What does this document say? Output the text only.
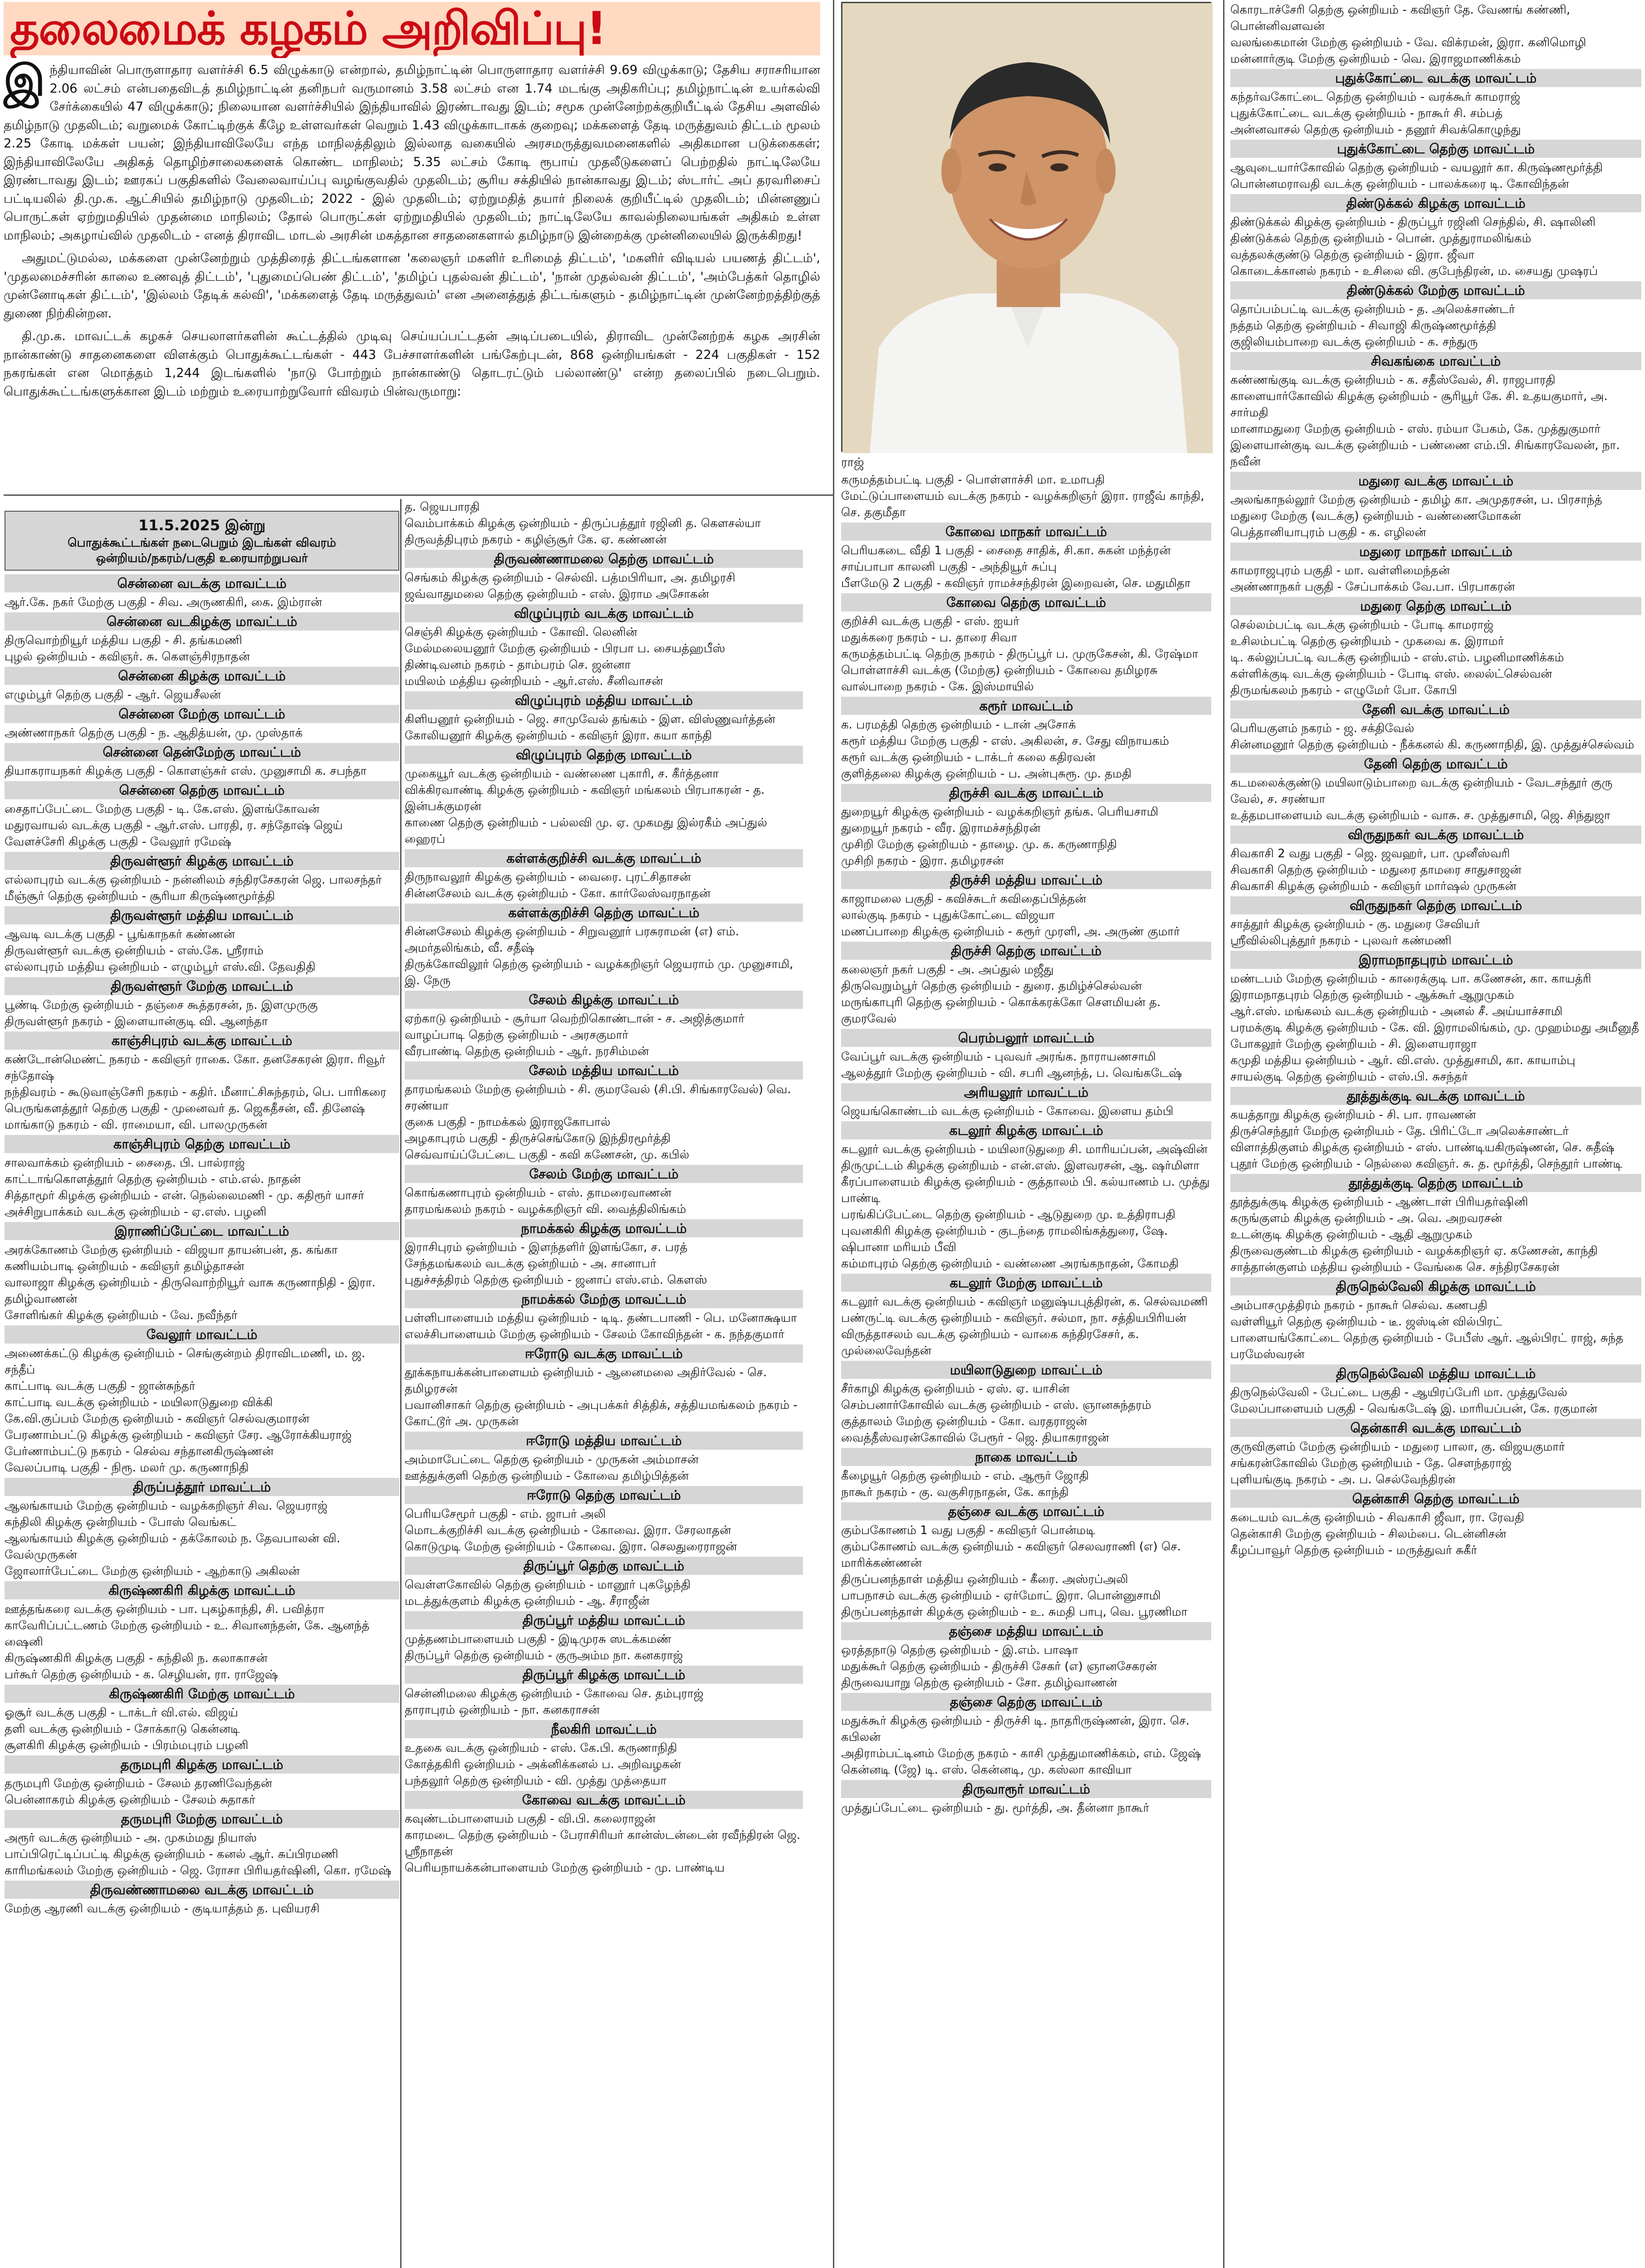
தலைமைக் கழகம் அறிவிப்பு!

இந்தியாவின் பொருளாதார வளர்ச்சி 6.5 விழுக்காடு என்றால், தமிழ்நாட்டின் பொருளாதார வளர்ச்சி 9.69 விழுக்காடு; தேசிய சராசரியான 2.06 லட்சம் என்பதைவிடத் தமிழ்நாட்டின் தனிநபர் வருமானம் 3.58 லட்சம் என 1.74 மடங்கு அதிகரிப்பு; தமிழ்நாட்டின் உயர்கல்வி சேர்க்கையில் 47 விழுக்காடு; நிலையான வளர்ச்சியில் இந்தியாவில் இரண்டாவது இடம்; சமூக முன்னேற்றக்குறியீட்டில் தேசிய அளவில் தமிழ்நாடு முதலிடம்; வறுமைக் கோட்டிற்குக் கீழே உள்ளவர்கள் வெறும் 1.43 விழுக்காடாகக் குறைவு; மக்களைத் தேடி மருத்துவம் திட்டம் மூலம் 2.25 கோடி மக்கள் பயன்; இந்தியாவிலேயே எந்த மாநிலத்திலும் இல்லாத வகையில் அரசமருத்துவமனைகளில் அதிகமான படுக்கைகள்; இந்தியாவிலேயே அதிகத் தொழிற்சாலைகளைக் கொண்ட மாநிலம்; 5.35 லட்சம் கோடி ரூபாய் முதலீடுகளைப் பெற்றதில் நாட்டிலேயே இரண்டாவது இடம்; ஊரகப் பகுதிகளில் வேலைவாய்ப்பு வழங்குவதில் முதலிடம்; சூரிய சக்தியில் நான்காவது இடம்; ஸ்டார்ட் அப் தரவரிசைப் பட்டியலில் தி.மு.க. ஆட்சியில் தமிழ்நாடு முதலிடம்; 2022 - இல் முதலிடம்; ஏற்றுமதித் தயார் நிலைக் குறியீட்டில் முதலிடம்; மின்னணுப் பொருட்கள் ஏற்றுமதியில் முதன்மை மாநிலம்; தோல் பொருட்கள் ஏற்றுமதியில் முதலிடம்; நாட்டிலேயே காவல்நிலையங்கள் அதிகம் உள்ள மாநிலம்; அகழாய்வில் முதலிடம் - எனத் திராவிட மாடல் அரசின் மகத்தான சாதனைகளால் தமிழ்நாடு இன்றைக்கு முன்னிலையில் இருக்கிறது!

அதுமட்டுமல்ல, மக்களை முன்னேற்றும் முத்திரைத் திட்டங்களான 'கலைஞர் மகளிர் உரிமைத் திட்டம்', 'மகளிர் விடியல் பயணத் திட்டம்', 'முதலமைச்சரின் காலை உணவுத் திட்டம்', 'புதுமைப்பெண் திட்டம்', 'தமிழ்ப் புதல்வன் திட்டம்', 'நான் முதல்வன் திட்டம்', 'அம்பேத்கர் தொழில் முன்னோடிகள் திட்டம்', 'இல்லம் தேடிக் கல்வி', 'மக்களைத் தேடி மருத்துவம்' என அனைத்துத் திட்டங்களும் - தமிழ்நாட்டின் முன்னேற்றத்திற்குத் துணை நிற்கின்றன.

தி.மு.க. மாவட்டக் கழகச் செயலாளர்களின் கூட்டத்தில் முடிவு செய்யப்பட்டதன் அடிப்படையில், திராவிட முன்னேற்றக் கழக அரசின் நான்காண்டு சாதனைகளை விளக்கும் பொதுக்கூட்டங்கள் - 443 பேச்சாளர்களின் பங்கேற்புடன், 868 ஒன்றியங்கள் - 224 பகுதிகள் - 152 நகரங்கள் என மொத்தம் 1,244 இடங்களில் 'நாடு போற்றும் நான்காண்டு தொடரட்டும் பல்லாண்டு' என்ற தலைப்பில் நடைபெறும். பொதுக்கூட்டங்களுக்கான இடம் மற்றும் உரையாற்றுவோர் விவரம் பின்வருமாறு:

ராஜ்
11.5.2025 இன்று
பொதுக்கூட்டங்கள் நடைபெறும் இடங்கள் விவரம்
ஒன்றியம்/நகரம்/பகுதி உரையாற்றுபவர்
சென்னை வடக்கு மாவட்டம்
ஆர்.கே. நகர் மேற்கு பகுதி - சிவ. அருணகிரி, கை. இம்ரான்
சென்னை வடகிழக்கு மாவட்டம்
திருவொற்றியூர் மத்திய பகுதி - சி. தங்கமணி
புழல் ஒன்றியம் - கவிஞர். சு. கெளஞ்சிரநாதன்
சென்னை கிழக்கு மாவட்டம்
எழும்பூர் தெற்கு பகுதி - ஆர். ஜெயசீலன்
சென்னை மேற்கு மாவட்டம்
அண்ணாநகர் தெற்கு பகுதி - ந. ஆதித்யன், மு. முஸ்தாக்
சென்னை தென்மேற்கு மாவட்டம்
தியாகராயநகர் கிழக்கு பகுதி - கொளஞ்சுர் எஸ். முனுசாமி க. சபந்தா
சென்னை தெற்கு மாவட்டம்
சைதாப்பேட்டை மேற்கு பகுதி - டி. கே.எஸ். இளங்கோவன்
மதுரவாயல் வடக்கு பகுதி - ஆர்.எஸ். பாரதி, ர. சந்தோஷ் ஜெய்
வேளச்சேரி கிழக்கு பகுதி - வேலூர் ரமேஷ்
திருவள்ளூர் கிழக்கு மாவட்டம்
எல்லாபுரம் வடக்கு ஒன்றியம் - நன்னிலம் சந்திரசேகரன் ஜெ. பாலசந்தர்
மீஞ்சூர் தெற்கு ஒன்றியம் - சூரியா கிருஷ்ணமூர்த்தி
திருவள்ளூர் மத்திய மாவட்டம்
ஆவடி வடக்கு பகுதி - பூங்காநகர் கண்ணன்
திருவள்ளூர் வடக்கு ஒன்றியம் - எஸ்.கே. ஸ்ரீராம்
எல்லாபுரம் மத்திய ஒன்றியம் - எழும்பூர் எஸ்.வி. தேவதிதி
திருவள்ளூர் மேற்கு மாவட்டம்
பூண்டி மேற்கு ஒன்றியம் - தஞ்சை கூத்தரசன், ந. இளமுருகு
திருவள்ளூர் நகரம் - இளையான்குடி வி. ஆனந்தா
காஞ்சிபுரம் வடக்கு மாவட்டம்
கண்டோன்மெண்ட் நகரம் - கவிஞர் ராகை. கோ. தனசேகரன் இரா. ரிவூர் சந்தோஷ்
நந்திவரம் - கூடுவாஞ்சேரி நகரம் - கதிர். மீனாட்சிசுந்தரம், பெ. பாரிகரை
பெருங்களத்தூர் தெற்கு பகுதி - முனைவர் த. ஜெகதீசன், வீ. தினேஷ்
மாங்காடு நகரம் - வி. ராமையா, வி. பாலமுருகன்
காஞ்சிபுரம் தெற்கு மாவட்டம்
சாலவாக்கம் ஒன்றியம் - சைதை. பி. பால்ராஜ்
காட்டாங்கொளத்தூர் தெற்கு ஒன்றியம் - எம்.எல். நாதன்
சித்தாமூர் கிழக்கு ஒன்றியம் - என். நெல்லைமணி - மு. கதிரூர் யாசர்
அச்சிறுபாக்கம் வடக்கு ஒன்றியம் - ஏ.எஸ். பழனி
இராணிப்பேட்டை மாவட்டம்
அரக்கோணம் மேற்கு ஒன்றியம் - விஜயா தாயன்பன், த. கங்கா
கணியம்பாடி ஒன்றியம் - கவிஞர் தமிழ்தாசன்
வாலாஜா கிழக்கு ஒன்றியம் - திருவொற்றியூர் வாசு கருணாநிதி - இரா. தமிழ்வாணன்
சோளிங்கர் கிழக்கு ஒன்றியம் - வே. நவீந்தர்
வேலூர் மாவட்டம்
அணைக்கட்டு கிழக்கு ஒன்றியம் - செங்குன்றம் திராவிடமணி, ம. ஜ. சந்தீப்
காட்பாடி வடக்கு பகுதி - ஜான்சுந்தர்
காட்பாடி வடக்கு ஒன்றியம் - மயிலாடுதுறை விக்கி
கே.வி.குப்பம் மேற்கு ஒன்றியம் - கவிஞர் செல்வகுமாரன்
பேரணாம்பட்டு கிழக்கு ஒன்றியம் - கவிஞர் சேர. ஆரோக்கியராஜ்
பேர்ணாம்பட்டு நகரம் - செல்வ சந்தானகிருஷ்ணன்
வேலப்பாடி பகுதி - நிரூ. மலர் மு. கருணாநிதி
திருப்பத்தூர் மாவட்டம்
ஆலங்காயம் மேற்கு ஒன்றியம் - வழக்கறிஞர் சிவ. ஜெயராஜ்
கந்திலி கிழக்கு ஒன்றியம் - போஸ் வெங்கட்
ஆலங்காயம் கிழக்கு ஒன்றியம் - தக்கோலம் ந. தேவபாலன் வி. வேல்முருகன்
ஜோலார்பேட்டை மேற்கு ஒன்றியம் - ஆற்காடு அகிலன்
கிருஷ்ணகிரி கிழக்கு மாவட்டம்
ஊத்தங்கரை வடக்கு ஒன்றியம் - பா. புகழ்காந்தி, சி. பவித்ரா
காவேரிப்பட்டணம் மேற்கு ஒன்றியம் - உ. சிவானந்தன், கே. ஆனந்த் ஷைனி
கிருஷ்ணகிரி கிழக்கு பகுதி - கந்திலி ந. கலாகாசன்
பர்கூர் தெற்கு ஒன்றியம் - க. செழியன், ரா. ராஜேஷ்
கிருஷ்ணகிரி மேற்கு மாவட்டம்
ஓசூர் வடக்கு பகுதி - டாக்டர் வி.எல். விஜய்
தளி வடக்கு ஒன்றியம் - சோக்காடு கென்னடி
சூளகிரி கிழக்கு ஒன்றியம் - பிரம்மபுரம் பழனி
தருமபுரி கிழக்கு மாவட்டம்
தருமபுரி மேற்கு ஒன்றியம் - சேலம் தரணிவேந்தன்
பென்னாகரம் கிழக்கு ஒன்றியம் - சேலம் சுதாகர்
தருமபுரி மேற்கு மாவட்டம்
அரூர் வடக்கு ஒன்றியம் - அ. முகம்மது நியாஸ்
பாப்பிரெட்டிப்பட்டி கிழக்கு ஒன்றியம் - கனல் ஆர். சுப்பிரமணி
காரிமங்கலம் மேற்கு ஒன்றியம் - ஜெ. ரோசா பிரியதர்ஷினி, கொ. ரமேஷ்
திருவண்ணாமலை வடக்கு மாவட்டம்
மேற்கு ஆரணி வடக்கு ஒன்றியம் - குடியாத்தம் த. புவியரசி
த. ஜெயபாரதி
வெம்பாக்கம் கிழக்கு ஒன்றியம் - திருப்பத்தூர் ரஜினி த. கௌசல்யா
திருவத்திபுரம் நகரம் - கழிஞ்சூர் கே. ஏ. கண்ணன்
திருவண்ணாமலை தெற்கு மாவட்டம்
செங்கம் கிழக்கு ஒன்றியம் - செல்வி. பத்மபிரியா, அ. தமிழரசி
ஜவ்வாதுமலை தெற்கு ஒன்றியம் - எஸ். இராம அசோகன்
விழுப்புரம் வடக்கு மாவட்டம்
செஞ்சி கிழக்கு ஒன்றியம் - கோவி. லெனின்
மேல்மலையனூர் மேற்கு ஒன்றியம் - பிரபா ப. சையத்ஹபீஸ்
திண்டிவனம் நகரம் - தாம்பரம் செ. ஜன்னா
மயிலம் மத்திய ஒன்றியம் - ஆர்.எஸ். சீனிவாசன்
விழுப்புரம் மத்திய மாவட்டம்
கிளியனூர் ஒன்றியம் - ஜெ. சாமுவேல் தங்கம் - இள. விஸ்ணுவர்த்தன்
கோலியனூர் கிழக்கு ஒன்றியம் - கவிஞர் இரா. கயா காந்தி
விழுப்புரம் தெற்கு மாவட்டம்
முகையூர் வடக்கு ஒன்றியம் - வண்ணை புகாரி, ச. கீர்த்தனா
விக்கிரவாண்டி கிழக்கு ஒன்றியம் - கவிஞர் மங்கலம் பிரபாகரன் - த. இன்பக்குமரன்
காணை தெற்கு ஒன்றியம் - பல்லவி மு. ஏ. முகமது இல்ரகீம் அப்துல் ஹைரப்
கள்ளக்குறிச்சி வடக்கு மாவட்டம்
திருநாவலூர் கிழக்கு ஒன்றியம் - வைரை. புரட்சிதாசன்
சின்னசேலம் வடக்கு ஒன்றியம் - கோ. கார்லேஸ்வரநாதன்
கள்ளக்குறிச்சி தெற்கு மாவட்டம்
சின்னசேலம் கிழக்கு ஒன்றியம் - சிறுவனூர் பரசுராமன் (எ) எம். அமர்தலிங்கம், வீ. சதீஷ்
திருக்கோவிலூர் தெற்கு ஒன்றியம் - வழக்கறிஞர் ஜெயராம் மு. முனுசாமி, இ. நேரு
சேலம் கிழக்கு மாவட்டம்
ஏற்காடு ஒன்றியம் - சூர்யா வெற்றிகொண்டான் - ச. அஜித்குமார்
வாழப்பாடி தெற்கு ஒன்றியம் - அரசகுமார்
வீரபாண்டி தெற்கு ஒன்றியம் - ஆர். நரசிம்மன்
சேலம் மத்திய மாவட்டம்
தாரமங்கலம் மேற்கு ஒன்றியம் - சி. குமரவேல் (சி.பி. சிங்காரவேல்) வெ. சரண்யா
குகை பகுதி - நாமக்கல் இராஜகோபால்
அழகாபுரம் பகுதி - திருச்செங்கோடு இந்திரமூர்த்தி
செவ்வாய்ப்பேட்டை பகுதி - கவி கணேசன், மு. கபில்
சேலம் மேற்கு மாவட்டம்
கொங்கணாபுரம் ஒன்றியம் - எஸ். தாமரைவாணன்
தாரமங்கலம் நகரம் - வழக்கறிஞர் வி. வைத்திலிங்கம்
நாமக்கல் கிழக்கு மாவட்டம்
இராசிபுரம் ஒன்றியம் - இளந்தளிர் இளங்கோ, ச. பரத்
சேந்தமங்கலம் வடக்கு ஒன்றியம் - அ. சானாபர்
புதுச்சத்திரம் தெற்கு ஒன்றியம் - ஜனாப் எஸ்.எம். கௌஸ்
நாமக்கல் மேற்கு மாவட்டம்
பள்ளிபாளையம் மத்திய ஒன்றியம் - டிடி. தண்டபாணி - பெ. மனோக்ஷயா
எலச்சிபாளையம் மேற்கு ஒன்றியம் - சேலம் கோவிந்தன் - க. நந்தகுமார்
ஈரோடு வடக்கு மாவட்டம்
தூக்கநாயக்கன்பாளையம் ஒன்றியம் - ஆனைமலை அதிர்வேல் - செ. தமிழரசன்
பவானிசாகர் தெற்கு ஒன்றியம் - அபுபக்கர் சித்திக், சத்தியமங்கலம் நகரம் - கோட்டூர் அ. முருகன்
ஈரோடு மத்திய மாவட்டம்
அம்மாபேட்டை தெற்கு ஒன்றியம் - முருகன் அம்மாசன்
ஊத்துக்குளி தெற்கு ஒன்றியம் - கோவை தமிழ்பித்தன்
ஈரோடு தெற்கு மாவட்டம்
பெரியசேமூர் பகுதி - எம். ஜாபர் அலி
மொடக்குறிச்சி வடக்கு ஒன்றியம் - கோவை. இரா. சேரலாதன்
கொடுமுடி மேற்கு ஒன்றியம் - கோவை. இரா. செலதுரைராஜன்
திருப்பூர் தெற்கு மாவட்டம்
வெள்ளகோவில் தெற்கு ஒன்றியம் - மானூர் புகழேந்தி
மடத்துக்குளம் கிழக்கு ஒன்றியம் - ஆ. சீராஜீன்
திருப்பூர் மத்திய மாவட்டம்
முத்தணம்பாளையம் பகுதி - இடிமுரசு ஸடக்கமண்
திருப்பூர் தெற்கு ஒன்றியம் - குருஅம்ம நா. கனகராஜ்
திருப்பூர் கிழக்கு மாவட்டம்
சென்னிமலை கிழக்கு ஒன்றியம் - கோவை செ. தம்புராஜ்
தாராபுரம் ஒன்றியம் - நா. கனகராசன்
நீலகிரி மாவட்டம்
உதகை வடக்கு ஒன்றியம் - எஸ். கே.பி. கருணாநிதி
கோத்தகிரி ஒன்றியம் - அக்னிக்கனல் ப. அறிவழகன்
பந்தலூர் தெற்கு ஒன்றியம் - வி. முத்து முத்தையா
கோவை வடக்கு மாவட்டம்
கவுண்டம்பாளையம் பகுதி - வி.பி. கலைராஜன்
காரமடை தெற்கு ஒன்றியம் - பேராசிரியர் கான்ஸ்டன்டைன் ரவீந்திரன் ஜெ. ஸ்ரீநாதன்
பெரியநாயக்கன்பாளையம் மேற்கு ஒன்றியம் - மு. பாண்டிய
கருமத்தம்பட்டி பகுதி - பொள்ளாச்சி மா. உமாபதி
மேட்டுப்பாளையம் வடக்கு நகரம் - வழக்கறிஞர் இரா. ராஜீவ் காந்தி, செ. தகுமீதா
கோவை மாநகர் மாவட்டம்
பெரியகடை வீதி 1 பகுதி - சைதை சாதிக், சி.கா. சுகன் மந்த்ரன்
சாய்பாபா காலனி பகுதி - அந்தியூர் சுப்பு
பீளமேடு 2 பகுதி - கவிஞர் ராமச்சந்திரன் இறைவன், செ. மதுமிதா
கோவை தெற்கு மாவட்டம்
குறிச்சி வடக்கு பகுதி - எஸ். ஐயர்
மதுக்கரை நகரம் - ப. தாரை சிவா
கருமத்தம்பட்டி தெற்கு நகரம் - திருப்பூர் ப. முருகேசன், கி. ரேஷ்மா
பொள்ளாச்சி வடக்கு (மேற்கு) ஒன்றியம் - கோவை தமிழரசு
வால்பாறை நகரம் - கே. இஸ்மாயில்
கரூர் மாவட்டம்
க. பரமத்தி தெற்கு ஒன்றியம் - டான் அசோக்
கரூர் மத்திய மேற்கு பகுதி - எஸ். அகிலன், ச. சேது விநாயகம்
கரூர் வடக்கு ஒன்றியம் - டாக்டர் கலை கதிரவன்
குளித்தலை கிழக்கு ஒன்றியம் - ப. அன்புசுரூ. மு. தமதி
திருச்சி வடக்கு மாவட்டம்
துறையூர் கிழக்கு ஒன்றியம் - வழக்கறிஞர் தங்க. பெரியசாமி
துறையூர் நகரம் - வீர. இராமச்சந்திரன்
முசிறி மேற்கு ஒன்றியம் - தாழை. மு. க. கருணாநிதி
முசிறி நகரம் - இரா. தமிழரசன்
திருச்சி மத்திய மாவட்டம்
காஜாமலை பகுதி - கவிச்சுடர் கவிதைப்பித்தன்
லால்குடி நகரம் - புதுக்கோட்டை விஜயா
மணப்பாறை கிழக்கு ஒன்றியம் - கரூர் முரளி, அ. அருண் குமார்
திருச்சி தெற்கு மாவட்டம்
கலைஞர் நகர் பகுதி - அ. அப்துல் மஜீது
திருவெறும்பூர் தெற்கு ஒன்றியம் - துரை. தமிழ்ச்செல்வன்
மருங்காபுரி தெற்கு ஒன்றியம் - கொக்கரக்கோ சௌமியன் த. குமரவேல்
பெரம்பலூர் மாவட்டம்
வேப்பூர் வடக்கு ஒன்றியம் - புவவர் அரங்க. நாராயணசாமி
ஆலத்தூர் மேற்கு ஒன்றியம் - வி. சபரி ஆனந்த், ப. வெங்கடேஷ்
அரியலூர் மாவட்டம்
ஜெயங்கொண்டம் வடக்கு ஒன்றியம் - கோவை. இளைய தம்பி
கடலூர் கிழக்கு மாவட்டம்
கடலூர் வடக்கு ஒன்றியம் - மயிலாடுதுறை சி. மாரியப்பன், அஷ்வின்
திருமுட்டம் கிழக்கு ஒன்றியம் - என்.எஸ். இளவரசன், ஆ. ஷர்மிளா
கீரப்பாளையம் கிழக்கு ஒன்றியம் - குத்தாலம் பி. கல்யாணம் ப. முத்து பாண்டி
பரங்கிப்பேட்டை தெற்கு ஒன்றியம் - ஆடுதுறை மு. உத்திராபதி
புவனகிரி கிழக்கு ஒன்றியம் - குடந்தை ராமலிங்கத்துரை, ஷே. ஷிபானா மரியம் பீவி
கம்மாபுரம் தெற்கு ஒன்றியம் - வண்ணை அரங்கநாதன், கோமதி
கடலூர் மேற்கு மாவட்டம்
கடலூர் வடக்கு ஒன்றியம் - கவிஞர் மனுஷ்யபுத்திரன், க. செல்வமணி
பண்ருட்டி வடக்கு ஒன்றியம் - கவிஞர். சல்மா, நா. சத்தியபிரியன்
விருத்தாசலம் வடக்கு ஒன்றியம் - வாகை சுந்திரசேசர், க. முல்லைவேந்தன்
மயிலாடுதுறை மாவட்டம்
சீர்காழி கிழக்கு ஒன்றியம் - ஏஸ். ஏ. யாசின்
செம்பனார்கோவில் வடக்கு ஒன்றியம் - எஸ். ஞானசுந்தரம்
குத்தாலம் மேற்கு ஒன்றியம் - கோ. வரதராஜன்
வைத்தீஸ்வரன்கோவில் பேரூர் - ஜெ. தியாகராஜன்
நாகை மாவட்டம்
கீழையூர் தெற்கு ஒன்றியம் - எம். ஆரூர் ஜோதி
நாகூர் நகரம் - கு. வகுசிரநாதன், கே. காந்தி
தஞ்சை வடக்கு மாவட்டம்
கும்பகோணம் 1 வது பகுதி - கவிஞர் பொன்மடி
கும்பகோணம் வடக்கு ஒன்றியம் - கவிஞர் செலவராணி (எ) செ. மாரிக்கண்ணன்
திருப்பனந்தாள் மத்திய ஒன்றியம் - கீரை. அஸ்ரப்அலி
பாபநாசம் வடக்கு ஒன்றியம் - ஏர்மோட் இரா. பொன்னுசாமி
திருப்பனந்தாள் கிழக்கு ஒன்றியம் - உ. சுமதி பாபு, வெ. பூரணிமா
தஞ்சை மத்திய மாவட்டம்
ஒரத்தநாடு தெற்கு ஒன்றியம் - இ.எம். பாஷா
மதுக்கூர் தெற்கு ஒன்றியம் - திருச்சி சேகர் (எ) ஞானசேகரன்
திருவையாறு தெற்கு ஒன்றியம் - சோ. தமிழ்வாணன்
தஞ்சை தெற்கு மாவட்டம்
மதுக்கூர் கிழக்கு ஒன்றியம் - திருச்சி டி. நாதரிருஷ்ணன், இரா. செ. கபிலன்
அதிராம்பட்டினம் மேற்கு நகரம் - காசி முத்துமாணிக்கம், எம். ஜேஷ் கென்னடி (ஜே) டி. எஸ். கென்னடி, மு. கஸ்லா காவியா
திருவாரூர் மாவட்டம்
முத்துப்பேட்டை ஒன்றியம் - து. மூர்த்தி, அ. தீன்னா நாகூர்
கொரடாச்சேரி தெற்கு ஒன்றியம் - கவிஞர் தே. வேணங் கண்ணி, பொன்னிவளவன்
வலங்கைமான் மேற்கு ஒன்றியம் - வே. விக்ரமன், இரா. கனிமொழி
மன்னார்குடி மேற்கு ஒன்றியம் - வெ. இராஜமாணிக்கம்
புதுக்கோட்டை வடக்கு மாவட்டம்
கந்தர்வகோட்டை தெற்கு ஒன்றியம் - வரக்கூர் காமராஜ்
புதுக்கோட்டை வடக்கு ஒன்றியம் - நாகூர் சி. சம்பத்
அன்னவாசல் தெற்கு ஒன்றியம் - தனூர் சிவக்கொழுந்து
புதுக்கோட்டை தெற்கு மாவட்டம்
ஆவுடையார்கோவில் தெற்கு ஒன்றியம் - வயலூர் கா. கிருஷ்ணமூர்த்தி
பொன்னமராவதி வடக்கு ஒன்றியம் - பாலக்கரை டி. கோவிந்தன்
திண்டுக்கல் கிழக்கு மாவட்டம்
திண்டுக்கல் கிழக்கு ஒன்றியம் - திருப்பூர் ரஜினி செந்தில், சி. ஷாலினி
திண்டுக்கல் தெற்கு ஒன்றியம் - பொன். முத்துராமலிங்கம்
வத்தலக்குண்டு தெற்கு ஒன்றியம் - இரா. ஜீவா
கொடைக்கானல் நகரம் - உசிலை வி. குபேந்திரன், ம. சையது முஷரப்
திண்டுக்கல் மேற்கு மாவட்டம்
தொப்பம்பட்டி வடக்கு ஒன்றியம் - த. அலெக்சாண்டர்
நத்தம் தெற்கு ஒன்றியம் - சிவாஜி கிருஷ்ணமூர்த்தி
குஜிலியம்பாறை வடக்கு ஒன்றியம் - க. சந்துரு
சிவகங்கை மாவட்டம்
கண்ணங்குடி வடக்கு ஒன்றியம் - க. சதீஸ்வேல், சி. ராஜபாரதி
காளையார்கோவில் கிழக்கு ஒன்றியம் - சூரியூர் கே. சி. உதயகுமார், அ. சார்மதி
மானாமதுரை மேற்கு ஒன்றியம் - எஸ். ரம்யா பேகம், கே. முத்துகுமார்
இளையான்குடி வடக்கு ஒன்றியம் - பண்ணை எம்.பி. சிங்காரவேலன், நா. நவீன்
மதுரை வடக்கு மாவட்டம்
அலங்காநல்லூர் மேற்கு ஒன்றியம் - தமிழ் கா. அமுதரசன், ப. பிரசாந்த்
மதுரை மேற்கு (வடக்கு) ஒன்றியம் - வண்ணைமோகன்
பெத்தானியாபுரம் பகுதி - க. எழிலன்
மதுரை மாநகர் மாவட்டம்
காமராஜபுரம் பகுதி - மா. வள்ளிமைந்தன்
அண்ணாநகர் பகுதி - சேப்பாக்கம் வே.பா. பிரபாகரன்
மதுரை தெற்கு மாவட்டம்
செல்லம்பட்டி வடக்கு ஒன்றியம் - போடி காமராஜ்
உசிலம்பட்டி தெற்கு ஒன்றியம் - முகவை க. இராமர்
டி. கல்லுப்பட்டி வடக்கு ஒன்றியம் - எஸ்.எம். பழனிமாணிக்கம்
கள்ளிக்குடி வடக்கு ஒன்றியம் - போடி எஸ். லைல்ட்செல்வன்
திருமங்கலம் நகரம் - எழுமேர் போ. கோபி
தேனி வடக்கு மாவட்டம்
பெரியகுளம் நகரம் - ஜ. சக்திவேல்
சின்னமனூர் தெற்கு ஒன்றியம் - நீக்கனல் கி. கருணாநிதி, இ. முத்துச்செல்வம்
தேனி தெற்கு மாவட்டம்
கடமலைக்குண்டு மயிலாடும்பாறை வடக்கு ஒன்றியம் - வேடசந்தூர் குரு வேல், ச. சரண்யா
உத்தமபாளையம் வடக்கு ஒன்றியம் - வாசு. ச. முத்துசாமி, ஜெ. சிந்துஜா
விருதுநகர் வடக்கு மாவட்டம்
சிவகாசி 2 வது பகுதி - ஜெ. ஜவஹர், பா. முனீஸ்வரி
சிவகாசி தெற்கு ஒன்றியம் - மதுரை தாமரை சாதுசாஜன்
சிவகாசி கிழக்கு ஒன்றியம் - கவிஞர் மார்ஷல் முருகன்
விருதுநகர் தெற்கு மாவட்டம்
சாத்தூர் கிழக்கு ஒன்றியம் - கு. மதுரை சேவியர்
ஸ்ரீவில்லிபுத்தூர் நகரம் - புலவர் கண்மணி
இராமநாதபுரம் மாவட்டம்
மண்டபம் மேற்கு ஒன்றியம் - காரைக்குடி பா. கணேசன், கா. காயத்ரி
இராமநாதபுரம் தெற்கு ஒன்றியம் - ஆக்கூர் ஆறுமுகம்
ஆர்.எஸ். மங்கலம் வடக்கு ஒன்றியம் - அனல் சீ. அய்யாச்சாமி
பரமக்குடி கிழக்கு ஒன்றியம் - கே. வி. இராமலிங்கம், மு. முஹம்மது அமீனுதீ
போகலூர் மேற்கு ஒன்றியம் - சி. இளையராஜா
கமுதி மத்திய ஒன்றியம் - ஆர். வி.எஸ். முத்துசாமி, கா. காயாம்பு
சாயல்குடி தெற்கு ஒன்றியம் - எஸ்.பி. சுசந்தர்
தூத்துக்குடி வடக்கு மாவட்டம்
கயத்தாறு கிழக்கு ஒன்றியம் - சி. பா. ராவணன்
திருச்செந்தூர் மேற்கு ஒன்றியம் - தே. பிரிட்டோ அலெக்சாண்டர்
விளாத்திகுளம் கிழக்கு ஒன்றியம் - எஸ். பாண்டியகிருஷ்ணன், செ. சுதீஷ்
புதூர் மேற்கு ஒன்றியம் - நெல்லை கவிஞர். சு. த. மூர்த்தி, செந்தூர் பாண்டி
தூத்துக்குடி தெற்கு மாவட்டம்
தூத்துக்குடி கிழக்கு ஒன்றியம் - ஆண்டாள் பிரியதர்ஷினி
கருங்குளம் கிழக்கு ஒன்றியம் - அ. வெ. அறவரசன்
உடன்குடி கிழக்கு ஒன்றியம் - ஆதி ஆறுமுகம்
திருவைகுண்டம் கிழக்கு ஒன்றியம் - வழக்கறிஞர் ஏ. கணேசன், காந்தி
சாத்தான்குளம் மத்திய ஒன்றியம் - வேங்கை செ. சந்திரசேகரன்
திருநெல்வேலி கிழக்கு மாவட்டம்
அம்பாசமுத்திரம் நகரம் - நாகூர் செல்வ. கணபதி
வள்ளியூர் தெற்கு ஒன்றியம் - டீ. ஜஸ்டின் வில்பிரட்
பாளையங்கோட்டை தெற்கு ஒன்றியம் - பேபீஸ் ஆர். ஆல்பிரட் ராஜ், சுந்த பரமேஸ்வரன்
திருநெல்வேலி மத்திய மாவட்டம்
திருநெல்வேலி - பேட்டை பகுதி - ஆயிரப்பேரி மா. முத்துவேல்
மேலப்பாளையம் பகுதி - வெங்கடேஷ் இ. மாரியப்பன், கே. ரகுமான்
தென்காசி வடக்கு மாவட்டம்
குருவிகுளம் மேற்கு ஒன்றியம் - மதுரை பாலா, கு. விஜயகுமார்
சங்கரன்கோவில் மேற்கு ஒன்றியம் - தே. சௌந்தராஜ்
புளியங்குடி நகரம் - அ. ப. செல்வேந்திரன்
தென்காசி தெற்கு மாவட்டம்
கடையம் வடக்கு ஒன்றியம் - சிவகாசி ஜீவா, ரா. ரேவதி
தென்காசி மேற்கு ஒன்றியம் - சிலம்பை. டென்னிசன்
கீழப்பாவூர் தெற்கு ஒன்றியம் - மருத்துவர் சுகீர்
